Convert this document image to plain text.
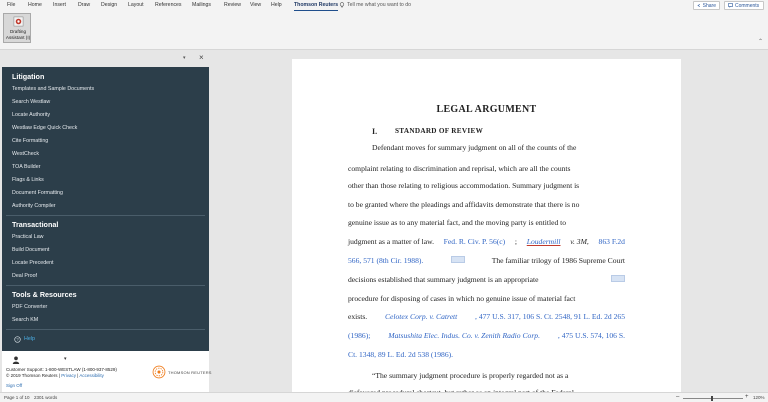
File Home Insert Draw Design Layout References Mailings Review View Help Thomson Reuters Tell me what you want to do	Share	Comments
Drafting Assistant (I)
⌃
▾ ×
Litigation
Templates and Sample Documents
Search Westlaw
Locate Authority
Westlaw Edge Quick Check
Cite Formatting
WestCheck
TOA Builder
Flags & Links
Document Formatting
Authority Compiler
Transactional
Practical Law
Build Document
Locate Precedent
Deal Proof
Tools & Resources
PDF Converter
Search KM
? Help
▾
Customer Support: 1-800-WESTLAW (1-800-937-8529)
© 2019 Thomson Reuters | Privacy | Accessibility
Sign Off
THOMSON REUTERS
LEGAL ARGUMENT
I. STANDARD OF REVIEW
Defendant moves for summary judgment on all of the counts of the
complaint relating to discrimination and reprisal, which are all the counts
other than those relating to religious accommodation. Summary judgment is
to be granted where the pleadings and affidavits demonstrate that there is no
genuine issue as to any material fact, and the moving party is entitled to
judgment as a matter of law. Fed. R. Civ. P. 56(c) ; Loudermill v. 3M, 863 F.2d
566, 571 (8th Cir. 1988).	The familiar trilogy of 1986 Supreme Court
decisions established that summary judgment is an appropriate
procedure for disposing of cases in which no genuine issue of material fact
exists. Celotex Corp. v. Catrett , 477 U.S. 317, 106 S. Ct. 2548, 91 L. Ed. 2d 265
(1986); Matsushita Elec. Indus. Co. v. Zenith Radio Corp. , 475 U.S. 574, 106 S.
Ct. 1348, 89 L. Ed. 2d 538 (1986).
“The summary judgment procedure is properly regarded not as a
Page 1 of 10 2301 words	–	+ 120%
